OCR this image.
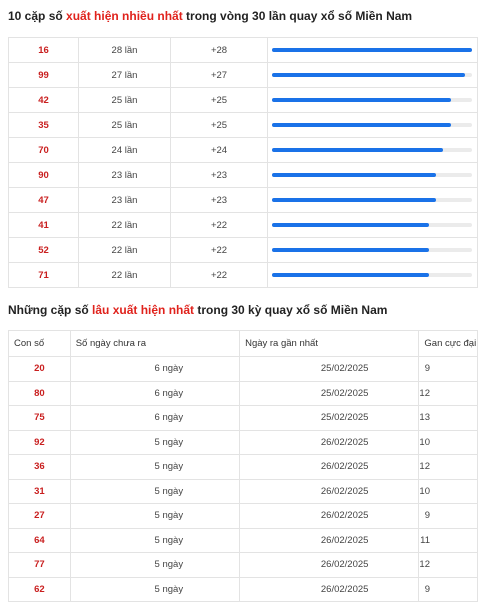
10 cặp số xuất hiện nhiều nhất trong vòng 30 lần quay xổ số Miền Nam
16	28 lần	+28	

99	27 lần	+27	

42	25 lần	+25	

35	25 lần	+25	

70	24 lần	+24	

90	23 lần	+23	

47	23 lần	+23	

41	22 lần	+22	

52	22 lần	+22	

71	22 lần	+22	
Những cặp số lâu xuất hiện nhất trong 30 kỳ quay xổ số Miền Nam
Con số	Số ngày chưa ra	Ngày ra gần nhất	Gan cực đại
20	6 ngày	25/02/2025	9
80	6 ngày	25/02/2025	12
75	6 ngày	25/02/2025	13
92	5 ngày	26/02/2025	10
36	5 ngày	26/02/2025	12
31	5 ngày	26/02/2025	10
27	5 ngày	26/02/2025	9
64	5 ngày	26/02/2025	11
77	5 ngày	26/02/2025	12
62	5 ngày	26/02/2025	9
